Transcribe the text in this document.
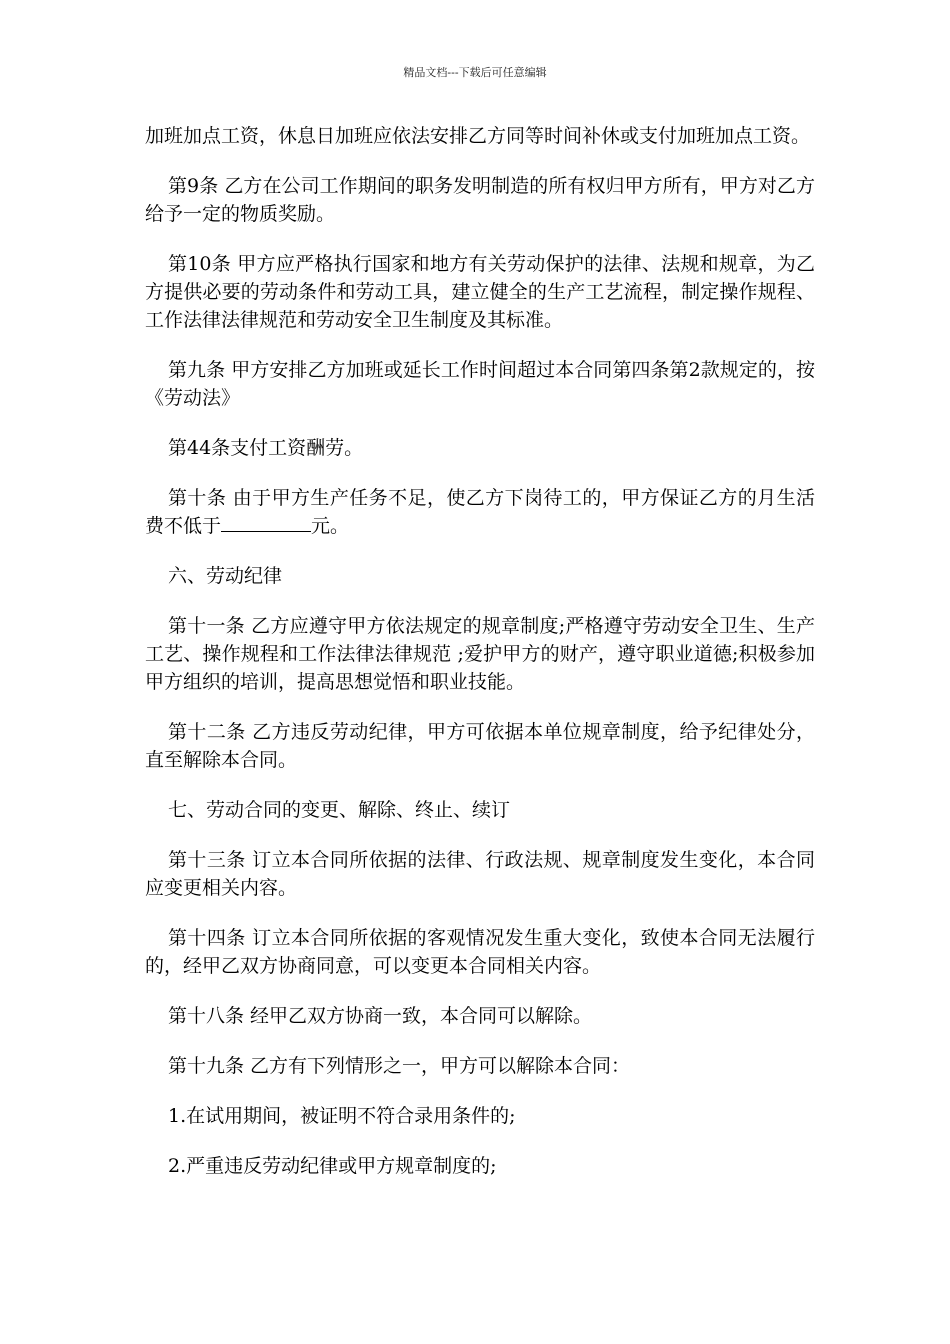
精品文档---下载后可任意编辑

加班加点工资，休息日加班应依法安排乙方同等时间补休或支付加班加点工资。

第9条 乙方在公司工作期间的职务发明制造的所有权归甲方所有，甲方对乙方给予一定的物质奖励。

第10条 甲方应严格执行国家和地方有关劳动保护的法律、法规和规章，为乙方提供必要的劳动条件和劳动工具，建立健全的生产工艺流程，制定操作规程、工作法律法律规范和劳动安全卫生制度及其标准。

第九条 甲方安排乙方加班或延长工作时间超过本合同第四条第2款规定的，按《劳动法》

第44条支付工资酬劳。

第十条 由于甲方生产任务不足，使乙方下岗待工的，甲方保证乙方的月生活费不低于	元。

六、劳动纪律

第十一条 乙方应遵守甲方依法规定的规章制度;严格遵守劳动安全卫生、生产工艺、操作规程和工作法律法律规范 ;爱护甲方的财产，遵守职业道德;积极参加甲方组织的培训，提高思想觉悟和职业技能。

第十二条 乙方违反劳动纪律，甲方可依据本单位规章制度，给予纪律处分，直至解除本合同。

七、劳动合同的变更、解除、终止、续订

第十三条 订立本合同所依据的法律、行政法规、规章制度发生变化，本合同应变更相关内容。

第十四条 订立本合同所依据的客观情况发生重大变化，致使本合同无法履行的，经甲乙双方协商同意，可以变更本合同相关内容。

第十八条 经甲乙双方协商一致，本合同可以解除。

第十九条 乙方有下列情形之一，甲方可以解除本合同：

1.在试用期间，被证明不符合录用条件的;

2.严重违反劳动纪律或甲方规章制度的;
